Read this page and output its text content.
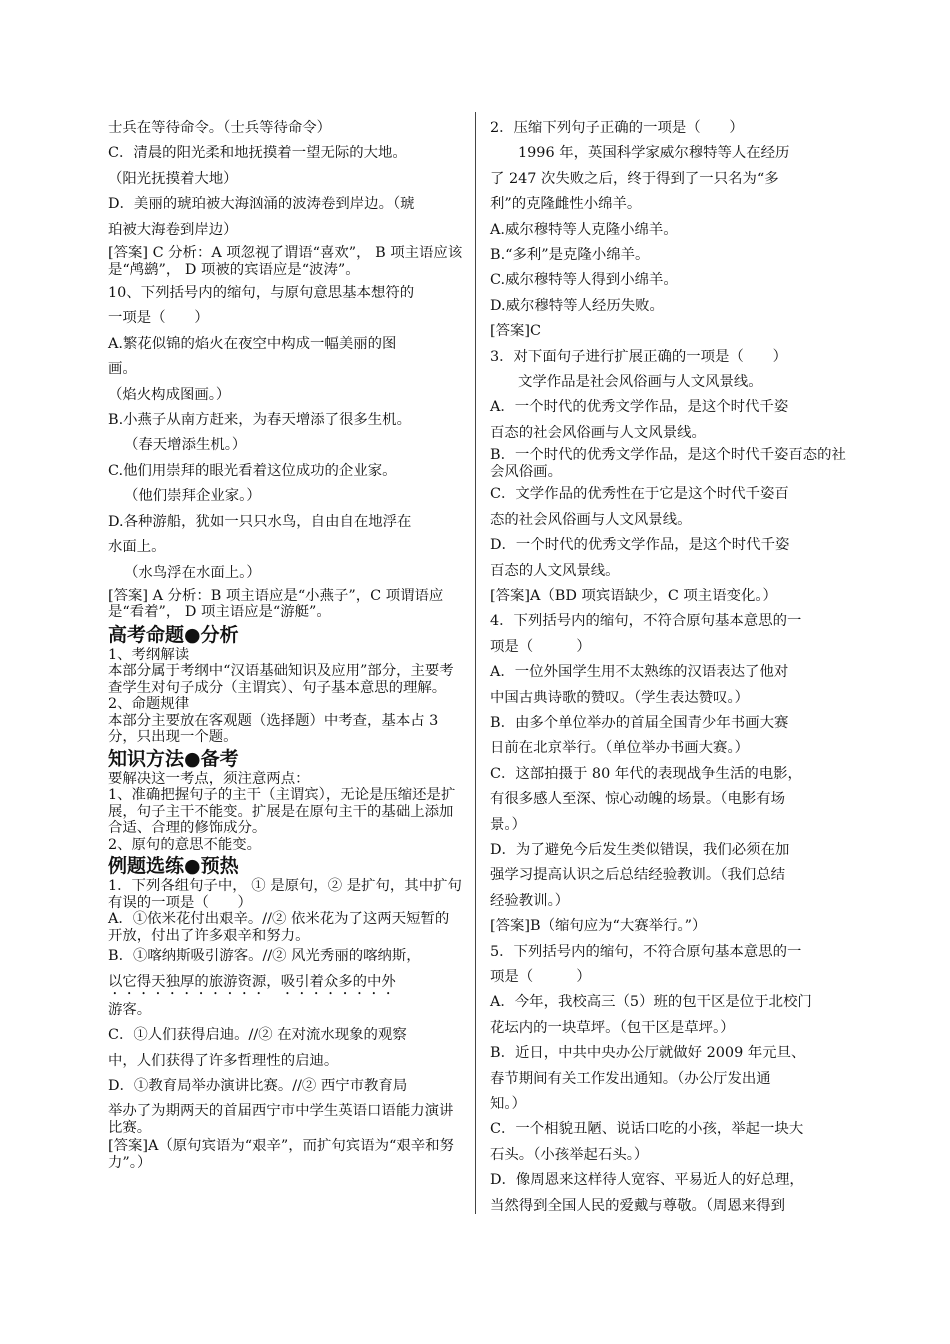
士兵在等待命令。（士兵等待命令）

C．清晨的阳光柔和地抚摸着一望无际的大地。

（阳光抚摸着大地）

D．美丽的琥珀被大海汹涌的波涛卷到岸边。（琥

珀被大海卷到岸边）

[答案] C 分析：A 项忽视了谓语“喜欢”， B 项主语应该是“鸬鹚”， D 项被的宾语应是“波涛”。

10、下列括号内的缩句，与原句意思基本想符的

一项是（　　）

A.繁花似锦的焰火在夜空中构成一幅美丽的图

画。

（焰火构成图画。）

B.小燕子从南方赶来，为春天增添了很多生机。

（春天增添生机。）

C.他们用崇拜的眼光看着这位成功的企业家。

（他们崇拜企业家。）

D.各种游船，犹如一只只水鸟，自由自在地浮在

水面上。

（水鸟浮在水面上。）

[答案] A 分析：B 项主语应是“小燕子”，C 项谓语应是“看着”， D 项主语应是“游艇”。

高考命题●分析

1、考纲解读

本部分属于考纲中“汉语基础知识及应用”部分，主要考查学生对句子成分（主谓宾）、句子基本意思的理解。

2、命题规律

本部分主要放在客观题（选择题）中考查，基本占 3 分，只出现一个题。

知识方法●备考

要解决这一考点，须注意两点：

1、准确把握句子的主干（主谓宾），无论是压缩还是扩展，句子主干不能变。扩展是在原句主干的基础上添加合适、合理的修饰成分。

2、原句的意思不能变。

例题选练●预热

1．下列各组句子中， ① 是原句，② 是扩句，其中扩句有误的一项是（　　）

A．①依米花付出艰辛。//② 依米花为了这两天短暂的开放，付出了许多艰辛和努力。

B．①喀纳斯吸引游客。//② 风光秀丽的喀纳斯，

以它得天独厚的旅游资源，吸引着众多的中外

游客。

C．①人们获得启迪。//② 在对流水现象的观察

中，人们获得了许多哲理性的启迪。

D．①教育局举办演讲比赛。//② 西宁市教育局

举办了为期两天的首届西宁市中学生英语口语能力演讲比赛。

[答案]A（原句宾语为“艰辛”，而扩句宾语为“艰辛和努力”。）

2．压缩下列句子正确的一项是（　　）

1996 年，英国科学家威尔穆特等人在经历

了 247 次失败之后，终于得到了一只名为“多

利”的克隆雌性小绵羊。

A.威尔穆特等人克隆小绵羊。

B.“多利”是克隆小绵羊。

C.威尔穆特等人得到小绵羊。

D.威尔穆特等人经历失败。

[答案]C

3．对下面句子进行扩展正确的一项是（　　）

文学作品是社会风俗画与人文风景线。

A．一个时代的优秀文学作品，是这个时代千姿

百态的社会风俗画与人文风景线。

B．一个时代的优秀文学作品，是这个时代千姿百态的社会风俗画。

C．文学作品的优秀性在于它是这个时代千姿百

态的社会风俗画与人文风景线。

D．一个时代的优秀文学作品，是这个时代千姿

百态的人文风景线。

[答案]A（BD 项宾语缺少，C 项主语变化。）

4．下列括号内的缩句，不符合原句基本意思的一

项是（　　　）

A．一位外国学生用不太熟练的汉语表达了他对

中国古典诗歌的赞叹。（学生表达赞叹。）

B．由多个单位举办的首届全国青少年书画大赛

日前在北京举行。（单位举办书画大赛。）

C．这部拍摄于 80 年代的表现战争生活的电影，

有很多感人至深、惊心动魄的场景。（电影有场

景。）

D．为了避免今后发生类似错误，我们必须在加

强学习提高认识之后总结经验教训。（我们总结

经验教训。）

[答案]B（缩句应为“大赛举行。”）

5．下列括号内的缩句，不符合原句基本意思的一

项是（　　　）

A．今年，我校高三（5）班的包干区是位于北校门

花坛内的一块草坪。（包干区是草坪。）

B．近日，中共中央办公厅就做好 2009 年元旦、

春节期间有关工作发出通知。（办公厅发出通

知。）

C．一个相貌丑陋、说话口吃的小孩，举起一块大

石头。（小孩举起石头。）

D．像周恩来这样待人宽容、平易近人的好总理，

当然得到全国人民的爱戴与尊敬。（周恩来得到
